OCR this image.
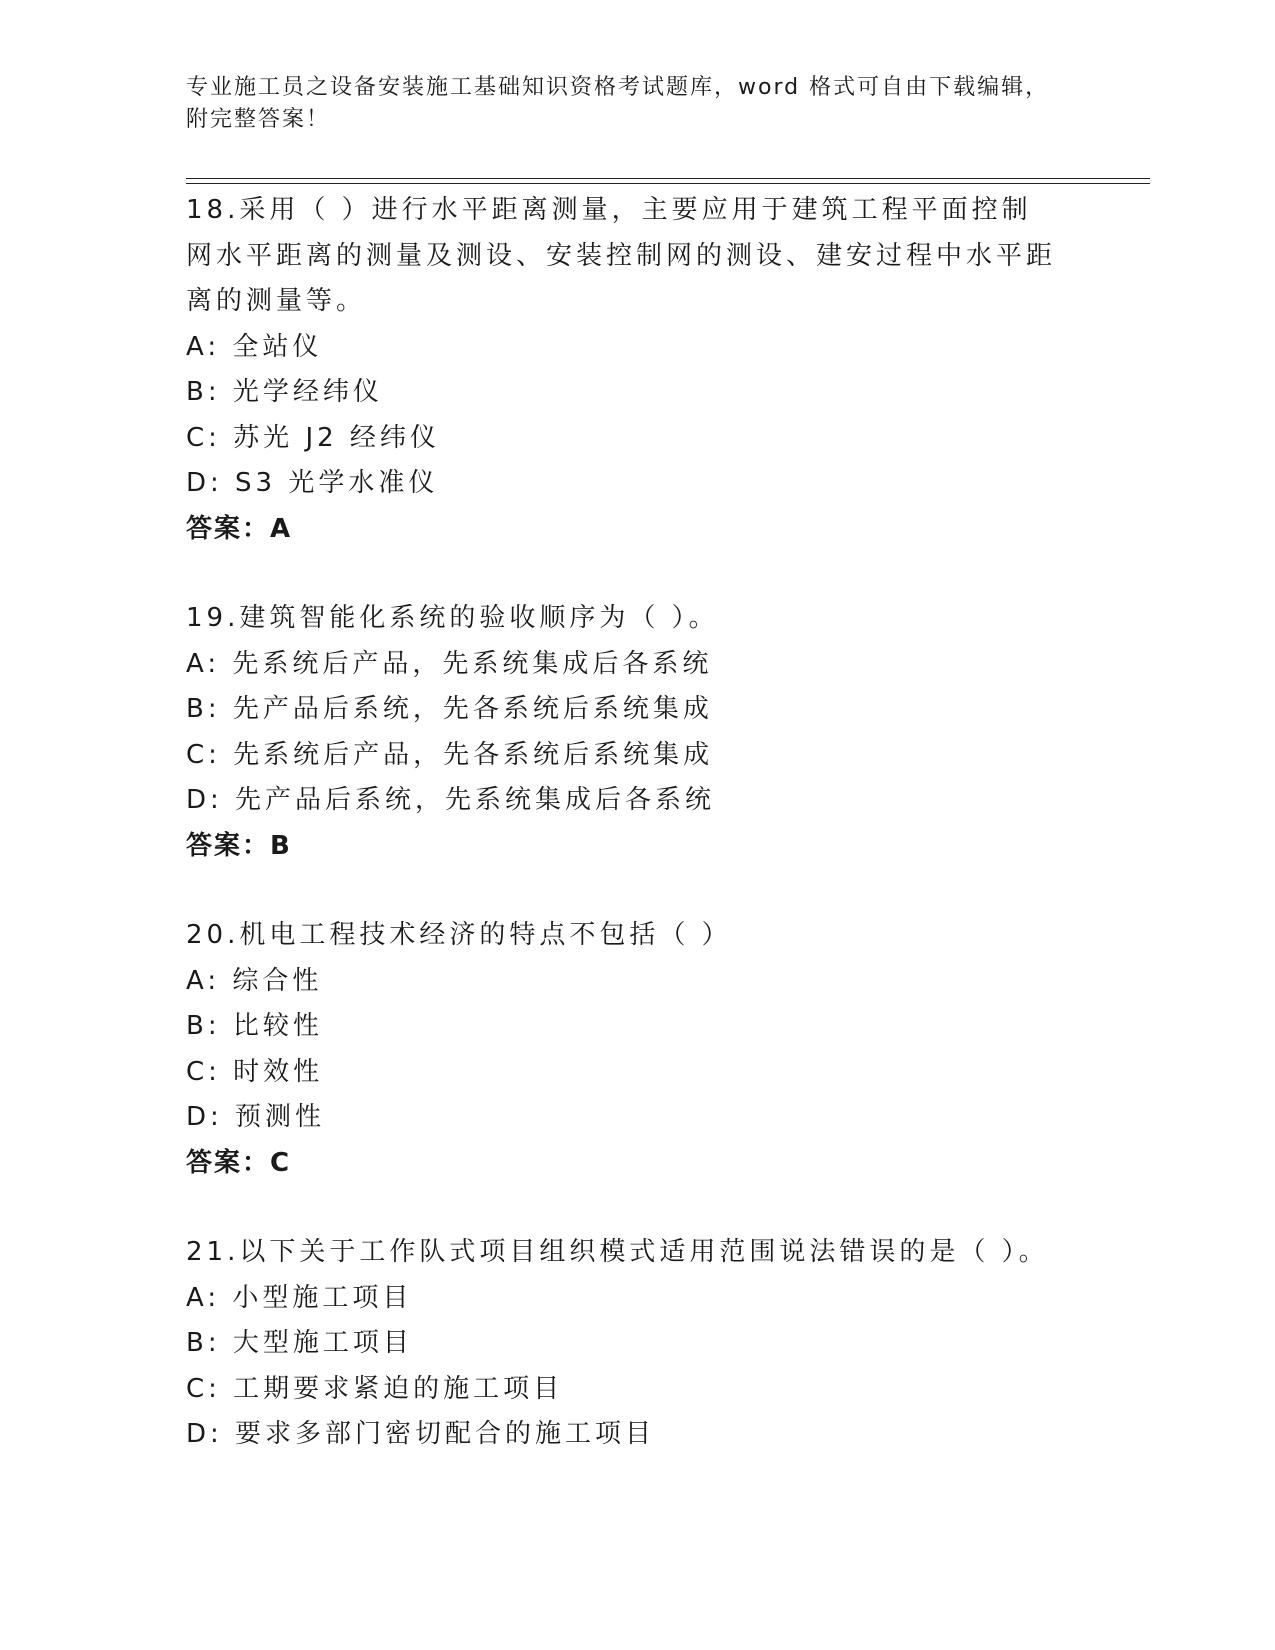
专业施工员之设备安装施工基础知识资格考试题库，word 格式可自由下载编辑，
附完整答案！
18.采用（ ）进行水平距离测量，主要应用于建筑工程平面控制网水平距离的测量及测设、安装控制网的测设、建安过程中水平距离的测量等。
A: 全站仪
B: 光学经纬仪
C: 苏光 J2 经纬仪
D: S3 光学水准仪
答案：A
19.建筑智能化系统的验收顺序为（ ）。
A: 先系统后产品，先系统集成后各系统
B: 先产品后系统，先各系统后系统集成
C: 先系统后产品，先各系统后系统集成
D: 先产品后系统，先系统集成后各系统
答案：B
20.机电工程技术经济的特点不包括（ ）
A: 综合性
B: 比较性
C: 时效性
D: 预测性
答案：C
21.以下关于工作队式项目组织模式适用范围说法错误的是（ ）。
A: 小型施工项目
B: 大型施工项目
C: 工期要求紧迫的施工项目
D: 要求多部门密切配合的施工项目
